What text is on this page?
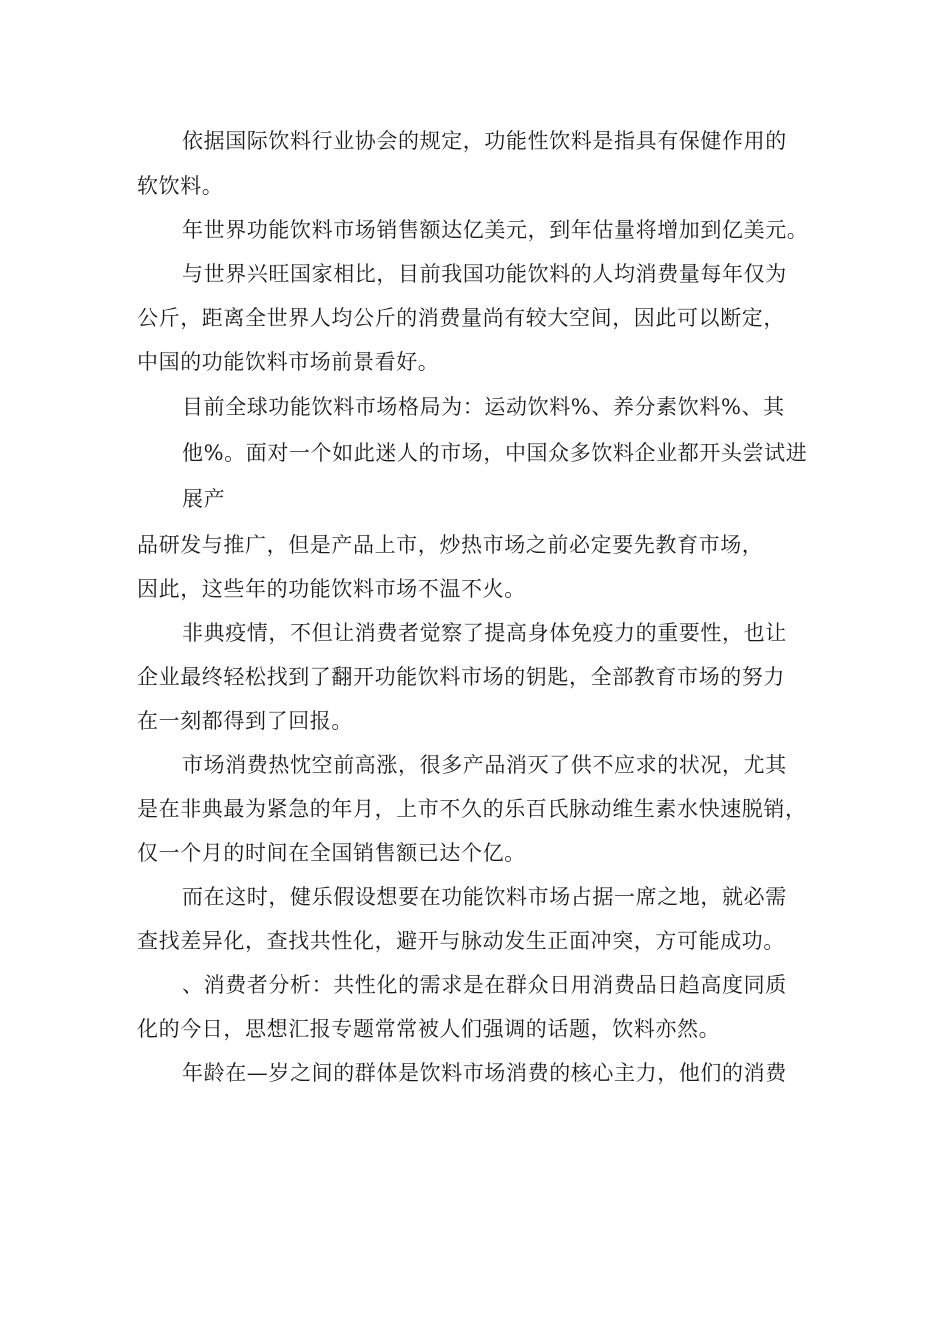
依据国际饮料行业协会的规定，功能性饮料是指具有保健作用的
软饮料。
年世界功能饮料市场销售额达亿美元，到年估量将增加到亿美元。
与世界兴旺国家相比，目前我国功能饮料的人均消费量每年仅为
公斤，距离全世界人均公斤的消费量尚有较大空间，因此可以断定，
中国的功能饮料市场前景看好。
目前全球功能饮料市场格局为：运动饮料%、养分素饮料%、其
他%。面对一个如此迷人的市场，中国众多饮料企业都开头尝试进
展产
品研发与推广，但是产品上市，炒热市场之前必定要先教育市场，
因此，这些年的功能饮料市场不温不火。
非典疫情，不但让消费者觉察了提高身体免疫力的重要性，也让
企业最终轻松找到了翻开功能饮料市场的钥匙，全部教育市场的努力
在一刻都得到了回报。
市场消费热忱空前高涨，很多产品消灭了供不应求的状况，尤其
是在非典最为紧急的年月，上市不久的乐百氏脉动维生素水快速脱销，
仅一个月的时间在全国销售额已达个亿。
而在这时，健乐假设想要在功能饮料市场占据一席之地，就必需
查找差异化，查找共性化，避开与脉动发生正面冲突，方可能成功。
、消费者分析：共性化的需求是在群众日用消费品日趋高度同质
化的今日，思想汇报专题常常被人们强调的话题，饮料亦然。
年龄在—岁之间的群体是饮料市场消费的核心主力，他们的消费
